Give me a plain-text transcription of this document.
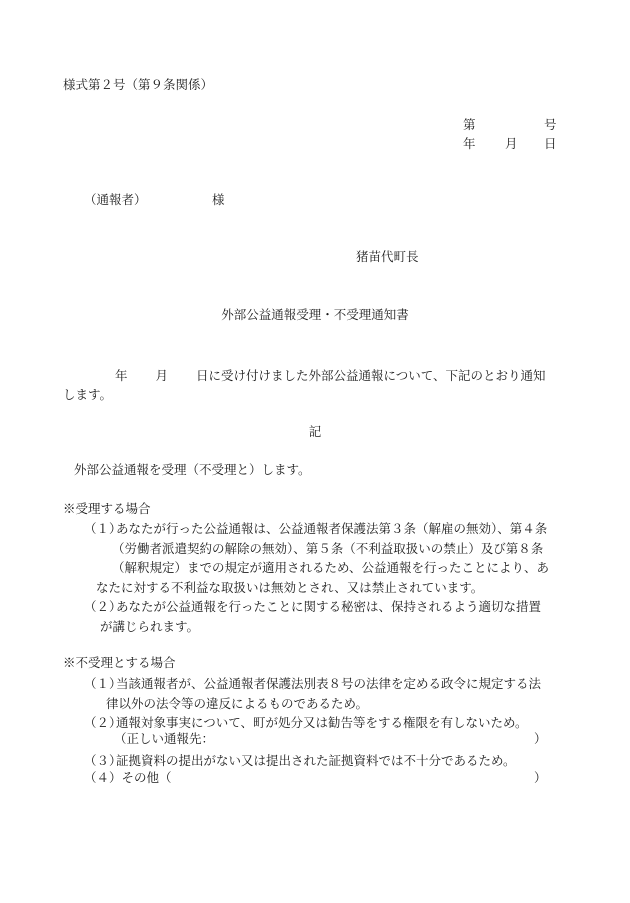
様式第２号（第９条関係）
第	号
年 月 日
（通報者）	様
猪苗代町長
外部公益通報受理・不受理通知書
年 月 日に受け付けました外部公益通報について、下記のとおり通知
します。
記
外部公益通報を受理（不受理と）します。
※受理する場合
（１）
あなたが行った公益通報は、公益通報者保護法第３条（解雇の無効）、第４条
（労働者派遣契約の解除の無効）、第５条（不利益取扱いの禁止）及び第８条
（解釈規定）までの規定が適用されるため、公益通報を行ったことにより、あ
なたに対する不利益な取扱いは無効とされ、又は禁止されています。
（２）
あなたが公益通報を行ったことに関する秘密は、保持されるよう適切な措置
が講じられます。
※不受理とする場合
（１）
当該通報者が、公益通報者保護法別表８号の法律を定める政令に規定する法
律以外の法令等の違反によるものであるため。
（２）
通報対象事実について、町が処分又は勧告等をする権限を有しないため。
（正しい通報先：	）
（３）
証拠資料の提出がない又は提出された証拠資料では不十分であるため。
（４）その他（	）
